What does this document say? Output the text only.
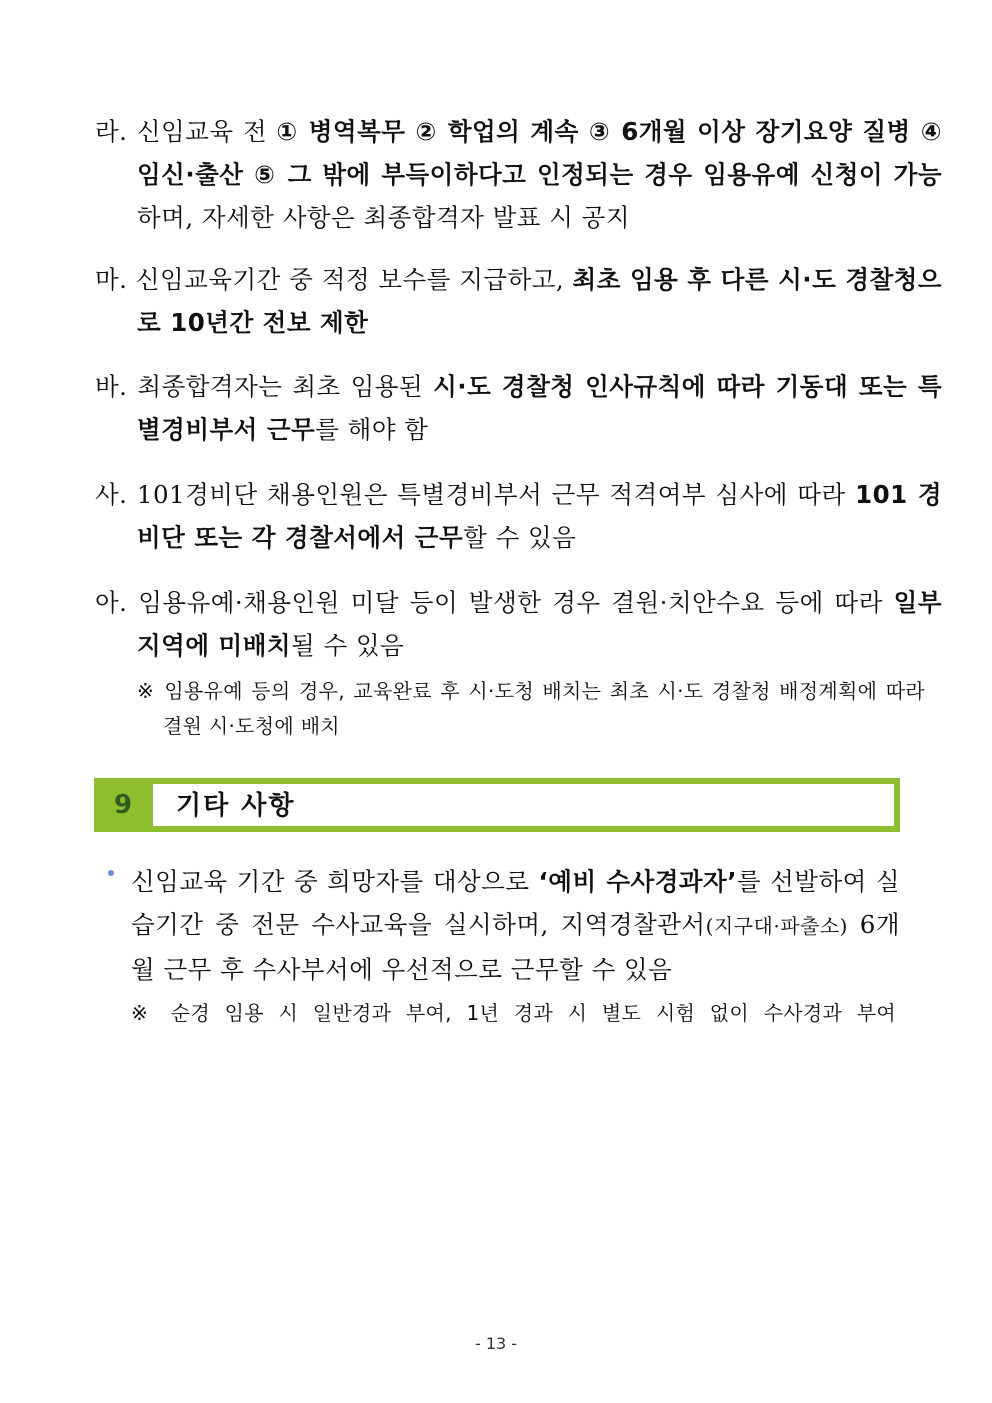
라. 신임교육 전 ① 병역복무 ② 학업의 계속 ③ 6개월 이상 장기요양 질병 ④ 임신·출산 ⑤ 그 밖에 부득이하다고 인정되는 경우 임용유예 신청이 가능하며, 자세한 사항은 최종합격자 발표 시 공지
마. 신임교육기간 중 적정 보수를 지급하고, 최초 임용 후 다른 시·도 경찰청으로 10년간 전보 제한
바. 최종합격자는 최초 임용된 시·도 경찰청 인사규칙에 따라 기동대 또는 특별경비부서 근무를 해야 함
사. 101경비단 채용인원은 특별경비부서 근무 적격여부 심사에 따라 101 경비단 또는 각 경찰서에서 근무할 수 있음
아. 임용유예·채용인원 미달 등이 발생한 경우 결원·치안수요 등에 따라 일부 지역에 미배치될 수 있음
※ 임용유예 등의 경우, 교육완료 후 시·도청 배치는 최초 시·도 경찰청 배정계획에 따라 결원 시·도청에 배치
9	기타 사항
신임교육 기간 중 희망자를 대상으로 ‘예비 수사경과자’를 선발하여 실습기간 중 전문 수사교육을 실시하며, 지역경찰관서(지구대·파출소) 6개월 근무 후 수사부서에 우선적으로 근무할 수 있음
※ 순경 임용 시 일반경과 부여, 1년 경과 시 별도 시험 없이 수사경과 부여
- 13 -
